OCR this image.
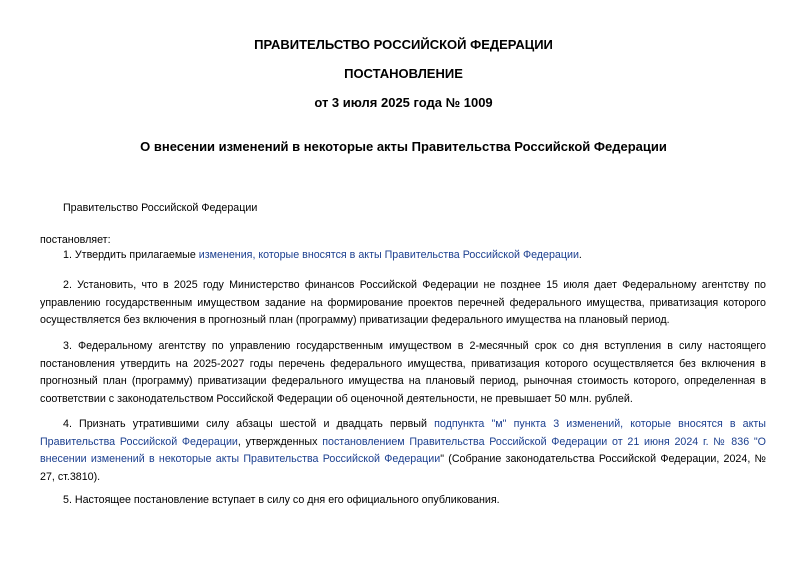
ПРАВИТЕЛЬСТВО РОССИЙСКОЙ ФЕДЕРАЦИИ
ПОСТАНОВЛЕНИЕ
от 3 июля 2025 года № 1009
О внесении изменений в некоторые акты Правительства Российской Федерации
Правительство Российской Федерации
постановляет:
1. Утвердить прилагаемые изменения, которые вносятся в акты Правительства Российской Федерации.
2. Установить, что в 2025 году Министерство финансов Российской Федерации не позднее 15 июля дает Федеральному агентству по управлению государственным имуществом задание на формирование проектов перечней федерального имущества, приватизация которого осуществляется без включения в прогнозный план (программу) приватизации федерального имущества на плановый период.
3. Федеральному агентству по управлению государственным имуществом в 2-месячный срок со дня вступления в силу настоящего постановления утвердить на 2025-2027 годы перечень федерального имущества, приватизация которого осуществляется без включения в прогнозный план (программу) приватизации федерального имущества на плановый период, рыночная стоимость которого, определенная в соответствии с законодательством Российской Федерации об оценочной деятельности, не превышает 50 млн. рублей.
4. Признать утратившими силу абзацы шестой и двадцать первый подпункта "м" пункта 3 изменений, которые вносятся в акты Правительства Российской Федерации, утвержденных постановлением Правительства Российской Федерации от 21 июня 2024 г. № 836 "О внесении изменений в некоторые акты Правительства Российской Федерации" (Собрание законодательства Российской Федерации, 2024, № 27, ст.3810).
5. Настоящее постановление вступает в силу со дня его официального опубликования.
